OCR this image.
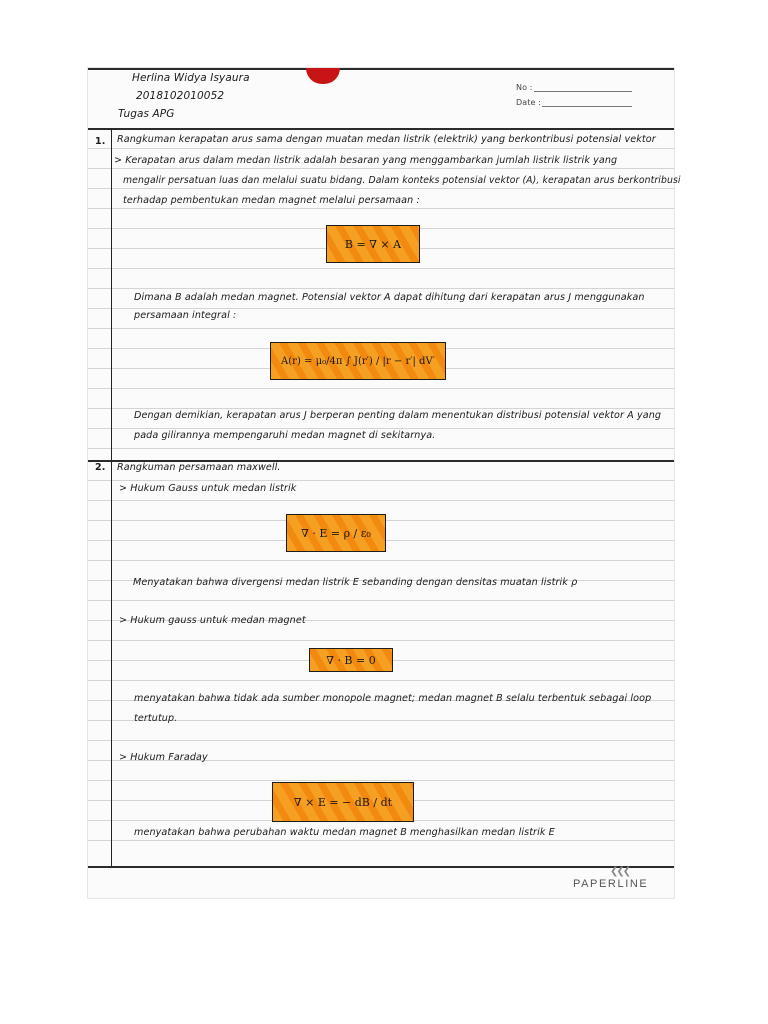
Herlina Widya Isyaura
2018102010052
Tugas APG
No :
Date :
1. Rangkuman kerapatan arus sama dengan muatan medan listrik (elektrik) yang berkontribusi potensial vektor
> Kerapatan arus dalam medan listrik adalah besaran yang menggambarkan jumlah listrik listrik yang
mengalir persatuan luas dan melalui suatu bidang. Dalam konteks potensial vektor (A), kerapatan arus berkontribusi
terhadap pembentukan medan magnet melalui persamaan :
B = ∇ × A
Dimana B adalah medan magnet. Potensial vektor A dapat dihitung dari kerapatan arus J menggunakan
persamaan integral :
A(r) = μ₀/4π ∫ J(r′) / |r − r′| dV′
Dengan demikian, kerapatan arus J berperan penting dalam menentukan distribusi potensial vektor A yang
pada gilirannya mempengaruhi medan magnet di sekitarnya.
2. Rangkuman persamaan maxwell.
> Hukum Gauss untuk medan listrik
∇ · E = ρ / ε₀
Menyatakan bahwa divergensi medan listrik E sebanding dengan densitas muatan listrik ρ
> Hukum gauss untuk medan magnet
∇ · B = 0
menyatakan bahwa tidak ada sumber monopole magnet; medan magnet B selalu terbentuk sebagai loop
tertutup.
> Hukum Faraday
∇ × E = − dB / dt
menyatakan bahwa perubahan waktu medan magnet B menghasilkan medan listrik E
❮❮❮
PAPERLINE
